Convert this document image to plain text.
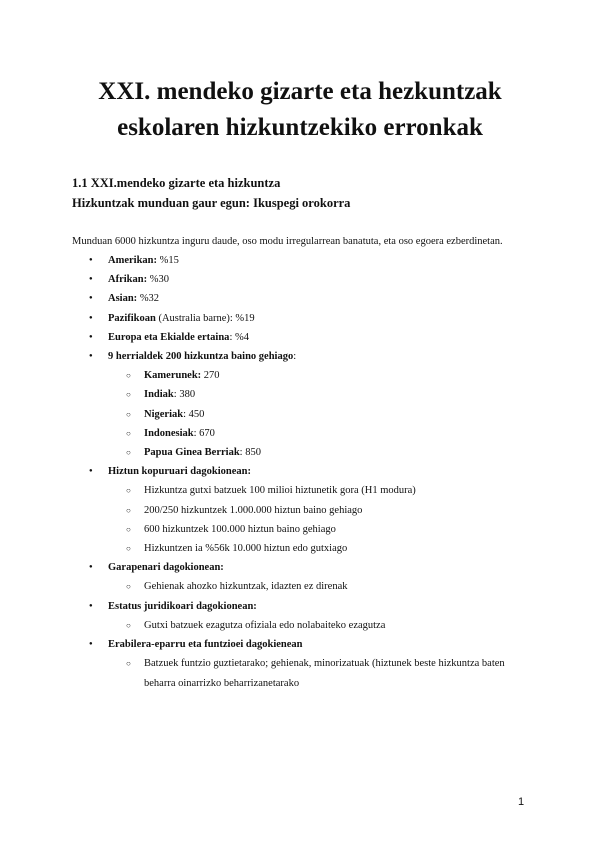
XXI. mendeko gizarte eta hezkuntzak
eskolaren hizkuntzekiko erronkak

1.1 XXI.mendeko gizarte eta hizkuntza

Hizkuntzak munduan gaur egun: Ikuspegi orokorra

Munduan 6000 hizkuntza inguru daude, oso modu irregularrean banatuta, eta oso egoera ezberdinetan.

● Amerikan: %15
● Afrikan: %30
● Asian: %32
● Pazifikoan (Australia barne): %19
● Europa eta Ekialde ertaina: %4
● 9 herrialdek 200 hizkuntza baino gehiago:
○ Kamerunek: 270
○ Indiak: 380
○ Nigeriak: 450
○ Indonesiak: 670
○ Papua Ginea Berriak: 850
● Hiztun kopuruari dagokionean:
○ Hizkuntza gutxi batzuek 100 milioi hiztunetik gora (H1 modura)
○ 200/250 hizkuntzek 1.000.000 hiztun baino gehiago
○ 600 hizkuntzek 100.000 hiztun baino gehiago
○ Hizkuntzen ia %56k 10.000 hiztun edo gutxiago
● Garapenari dagokionean:
○ Gehienak ahozko hizkuntzak, idazten ez direnak
● Estatus juridikoari dagokionean:
○ Gutxi batzuek ezagutza ofiziala edo nolabaiteko ezagutza
● Erabilera-eparru eta funtzioei dagokienean
○ Batzuek funtzio guztietarako; gehienak, minorizatuak (hiztunek beste hizkuntza baten
beharra oinarrizko beharrizanetarako
1
